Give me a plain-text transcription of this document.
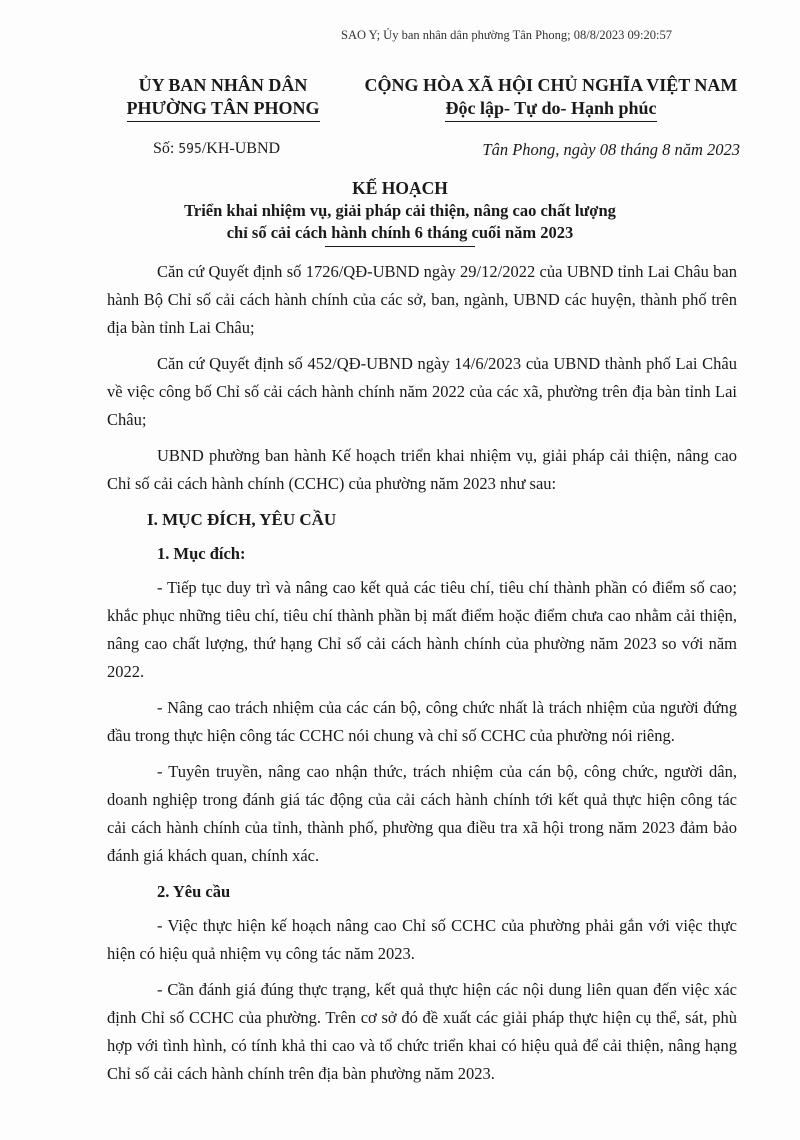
SAO Y; Ủy ban nhân dân phường Tân Phong; 08/8/2023 09:20:57
ỦY BAN NHÂN DÂN
PHƯỜNG TÂN PHONG
CỘNG HÒA XÃ HỘI CHỦ NGHĨA VIỆT NAM
Độc lập- Tự do- Hạnh phúc
Số: 595/KH-UBND	Tân Phong, ngày 08 tháng 8 năm 2023
KẾ HOẠCH
Triển khai nhiệm vụ, giải pháp cải thiện, nâng cao chất lượng
chỉ số cải cách hành chính 6 tháng cuối năm 2023

Căn cứ Quyết định số 1726/QĐ-UBND ngày 29/12/2022 của UBND tỉnh Lai Châu ban hành Bộ Chỉ số cải cách hành chính của các sở, ban, ngành, UBND các huyện, thành phố trên địa bàn tỉnh Lai Châu;

Căn cứ Quyết định số 452/QĐ-UBND ngày 14/6/2023 của UBND thành phố Lai Châu về việc công bố Chỉ số cải cách hành chính năm 2022 của các xã, phường trên địa bàn tỉnh Lai Châu;

UBND phường ban hành Kế hoạch triển khai nhiệm vụ, giải pháp cải thiện, nâng cao Chỉ số cải cách hành chính (CCHC) của phường năm 2023 như sau:

I. MỤC ĐÍCH, YÊU CẦU
1. Mục đích:

- Tiếp tục duy trì và nâng cao kết quả các tiêu chí, tiêu chí thành phần có điểm số cao; khắc phục những tiêu chí, tiêu chí thành phần bị mất điểm hoặc điểm chưa cao nhằm cải thiện, nâng cao chất lượng, thứ hạng Chỉ số cải cách hành chính của phường năm 2023 so với năm 2022.

- Nâng cao trách nhiệm của các cán bộ, công chức nhất là trách nhiệm của người đứng đầu trong thực hiện công tác CCHC nói chung và chỉ số CCHC của phường nói riêng.

- Tuyên truyền, nâng cao nhận thức, trách nhiệm của cán bộ, công chức, người dân, doanh nghiệp trong đánh giá tác động của cải cách hành chính tới kết quả thực hiện công tác cải cách hành chính của tỉnh, thành phố, phường qua điều tra xã hội trong năm 2023 đảm bảo đánh giá khách quan, chính xác.

2. Yêu cầu

- Việc thực hiện kế hoạch nâng cao Chỉ số CCHC của phường phải gắn với việc thực hiện có hiệu quả nhiệm vụ công tác năm 2023.

- Cần đánh giá đúng thực trạng, kết quả thực hiện các nội dung liên quan đến việc xác định Chỉ số CCHC của phường. Trên cơ sở đó đề xuất các giải pháp thực hiện cụ thể, sát, phù hợp với tình hình, có tính khả thi cao và tổ chức triển khai có hiệu quả để cải thiện, nâng hạng Chỉ số cải cách hành chính trên địa bàn phường năm 2023.
